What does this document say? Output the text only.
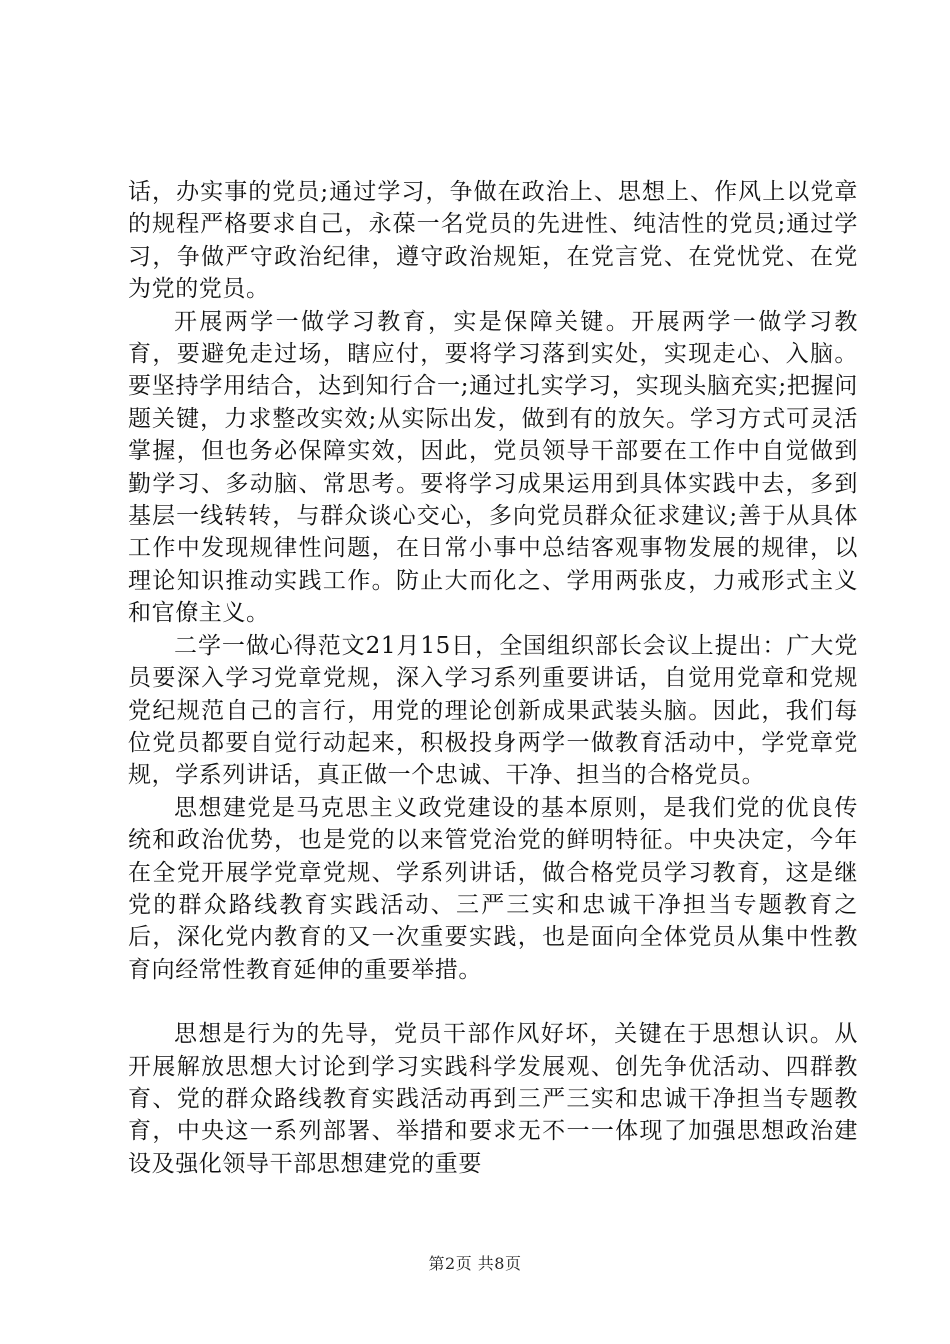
话，办实事的党员;通过学习，争做在政治上、思想上、作风上以党章的规程严格要求自己，永葆一名党员的先进性、纯洁性的党员;通过学习，争做严守政治纪律，遵守政治规矩，在党言党、在党忧党、在党为党的党员。

开展两学一做学习教育，实是保障关键。开展两学一做学习教育，要避免走过场，瞎应付，要将学习落到实处，实现走心、入脑。要坚持学用结合，达到知行合一;通过扎实学习，实现头脑充实;把握问题关键，力求整改实效;从实际出发，做到有的放矢。学习方式可灵活掌握，但也务必保障实效，因此，党员领导干部要在工作中自觉做到勤学习、多动脑、常思考。要将学习成果运用到具体实践中去，多到基层一线转转，与群众谈心交心，多向党员群众征求建议;善于从具体工作中发现规律性问题，在日常小事中总结客观事物发展的规律，以理论知识推动实践工作。防止大而化之、学用两张皮，力戒形式主义和官僚主义。

二学一做心得范文21月15日，全国组织部长会议上提出：广大党员要深入学习党章党规，深入学习系列重要讲话，自觉用党章和党规党纪规范自己的言行，用党的理论创新成果武装头脑。因此，我们每位党员都要自觉行动起来，积极投身两学一做教育活动中，学党章党规，学系列讲话，真正做一个忠诚、干净、担当的合格党员。

思想建党是马克思主义政党建设的基本原则，是我们党的优良传统和政治优势，也是党的以来管党治党的鲜明特征。中央决定，今年在全党开展学党章党规、学系列讲话，做合格党员学习教育，这是继党的群众路线教育实践活动、三严三实和忠诚干净担当专题教育之后，深化党内教育的又一次重要实践，也是面向全体党员从集中性教育向经常性教育延伸的重要举措。

思想是行为的先导，党员干部作风好坏，关键在于思想认识。从开展解放思想大讨论到学习实践科学发展观、创先争优活动、四群教育、党的群众路线教育实践活动再到三严三实和忠诚干净担当专题教育，中央这一系列部署、举措和要求无不一一体现了加强思想政治建设及强化领导干部思想建党的重要

第2页 共8页
